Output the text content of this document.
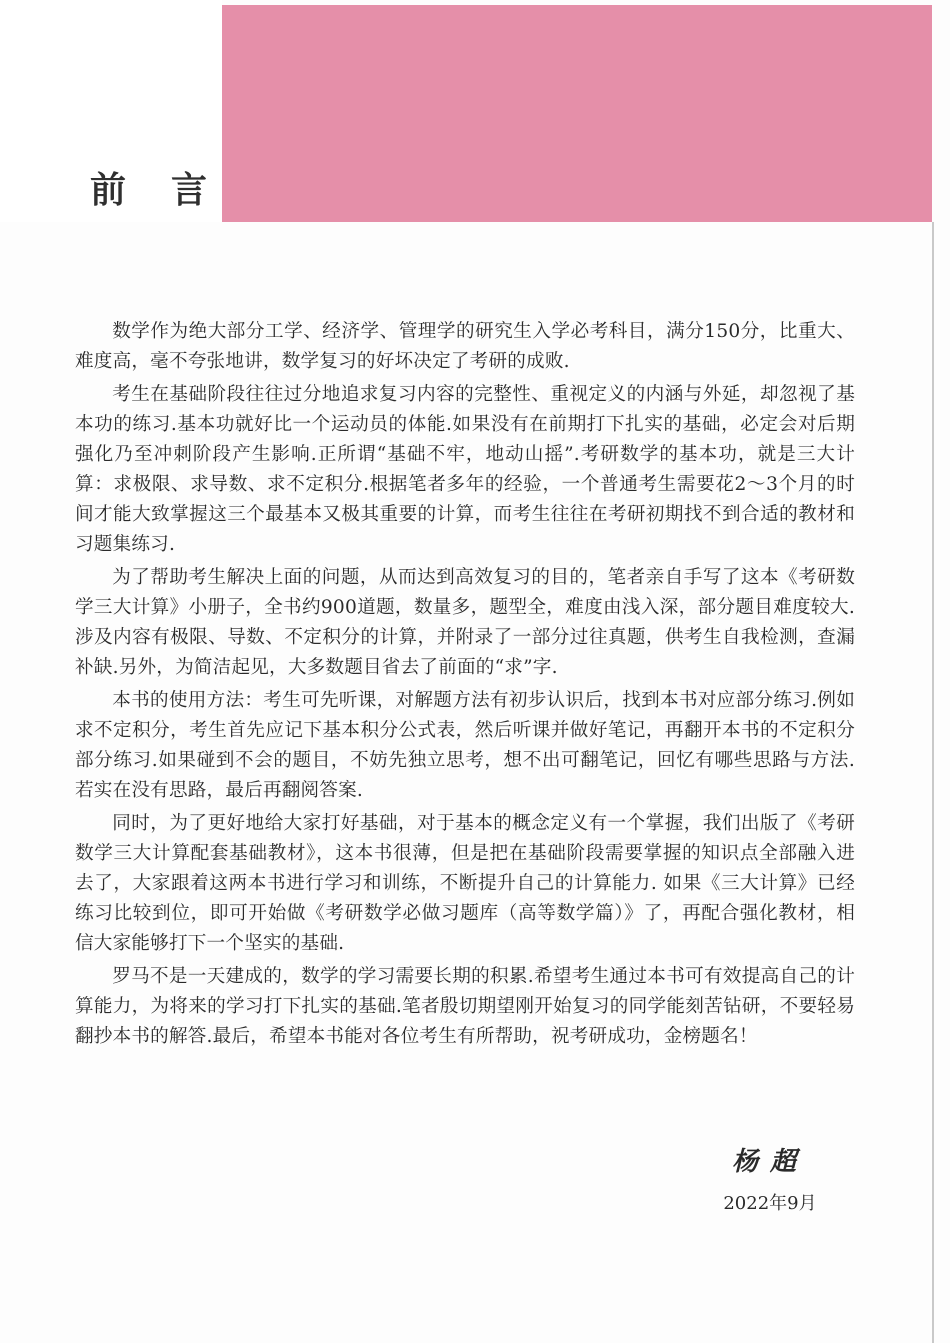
前 言

数学作为绝大部分工学、经济学、管理学的研究生入学必考科目，满分150分，比重大、难度高，毫不夸张地讲，数学复习的好坏决定了考研的成败.

考生在基础阶段往往过分地追求复习内容的完整性、重视定义的内涵与外延，却忽视了基本功的练习.基本功就好比一个运动员的体能.如果没有在前期打下扎实的基础，必定会对后期强化乃至冲刺阶段产生影响.正所谓“基础不牢，地动山摇”.考研数学的基本功，就是三大计算：求极限、求导数、求不定积分.根据笔者多年的经验，一个普通考生需要花2～3个月的时间才能大致掌握这三个最基本又极其重要的计算，而考生往往在考研初期找不到合适的教材和习题集练习.

为了帮助考生解决上面的问题，从而达到高效复习的目的，笔者亲自手写了这本《考研数学三大计算》小册子，全书约900道题，数量多，题型全，难度由浅入深，部分题目难度较大.涉及内容有极限、导数、不定积分的计算，并附录了一部分过往真题，供考生自我检测，查漏补缺.另外，为简洁起见，大多数题目省去了前面的“求”字.

本书的使用方法：考生可先听课，对解题方法有初步认识后，找到本书对应部分练习.例如求不定积分，考生首先应记下基本积分公式表，然后听课并做好笔记，再翻开本书的不定积分部分练习.如果碰到不会的题目，不妨先独立思考，想不出可翻笔记，回忆有哪些思路与方法.若实在没有思路，最后再翻阅答案.

同时，为了更好地给大家打好基础，对于基本的概念定义有一个掌握，我们出版了《考研数学三大计算配套基础教材》，这本书很薄，但是把在基础阶段需要掌握的知识点全部融入进去了，大家跟着这两本书进行学习和训练，不断提升自己的计算能力. 如果《三大计算》已经练习比较到位，即可开始做《考研数学必做习题库（高等数学篇）》了，再配合强化教材，相信大家能够打下一个坚实的基础.

罗马不是一天建成的，数学的学习需要长期的积累.希望考生通过本书可有效提高自己的计算能力，为将来的学习打下扎实的基础.笔者殷切期望刚开始复习的同学能刻苦钻研，不要轻易翻抄本书的解答.最后，希望本书能对各位考生有所帮助，祝考研成功，金榜题名！

杨超
2022年9月
